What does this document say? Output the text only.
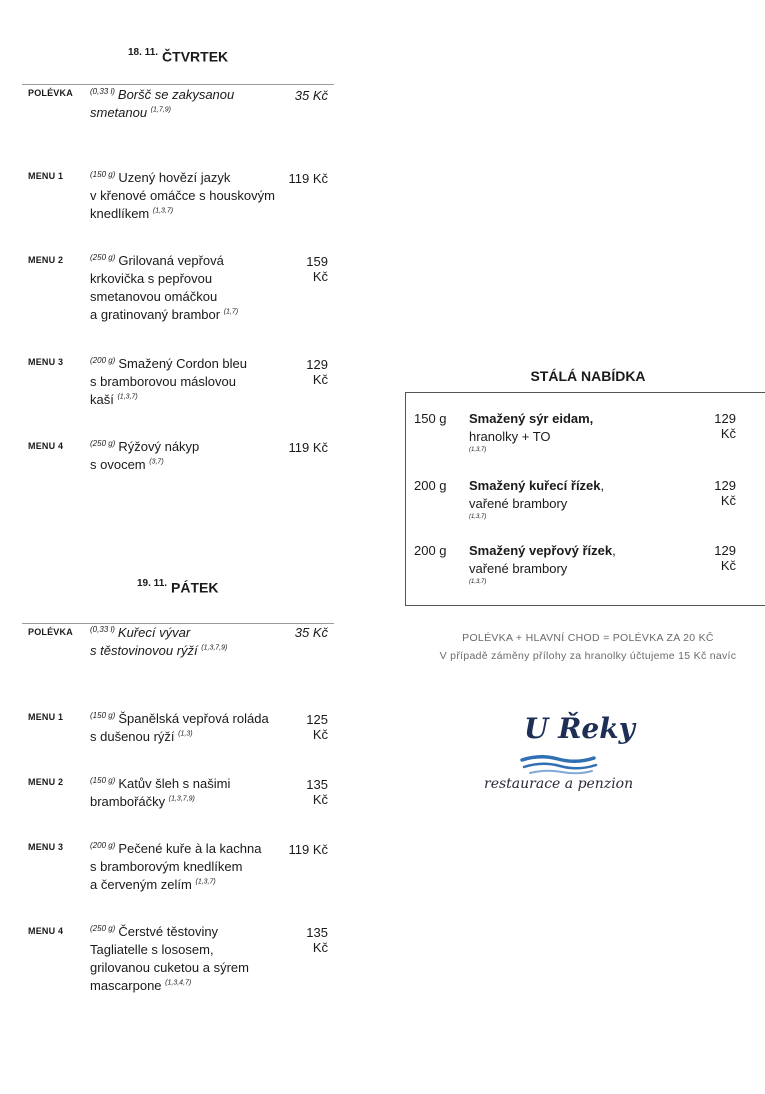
$^{18. 11.}$ ČTVRTEK
POLÉVKA $^{(0,33 l)}$ Boršč se zakysanou
smetanou $^{(1,7,9)}$
35 Kč
MENU 1	$^{(150 g)}$ Uzený hovězí jazyk
v křenové omáčce s houskovým
knedlíkem $^{(1,3,7)}$
119 Kč
MENU 2	$^{(250 g)}$ Grilovaná vepřová
krkovička s pepřovou
smetanovou omáčkou
a gratinovaný brambor $^{(1,7)}$
159 Kč
MENU 3	$^{(200 g)}$ Smažený Cordon bleu
s bramborovou máslovou
kaší $^{(1,3,7)}$
129 Kč
MENU 4	$^{(250 g)}$ Rýžový nákyp
s ovocem $^{(3,7)}$
119 Kč
$^{19. 11.}$ PÁTEK
POLÉVKA $^{(0,33 l)}$ Kuřecí vývar
s těstovinovou rýží $^{(1,3,7,9)}$
35 Kč
MENU 1	$^{(150 g)}$ Španělská vepřová roláda
s dušenou rýží $^{(1,3)}$
125 Kč
MENU 2	$^{(150 g)}$ Katův šleh s našimi
brambořáčky $^{(1,3,7,9)}$
135 Kč
MENU 3	$^{(200 g)}$ Pečené kuře à la kachna
s bramborovým knedlíkem
a červeným zelím $^{(1,3,7)}$
119 Kč
MENU 4	$^{(250 g)}$ Čerstvé těstoviny
Tagliatelle s lososem,
grilovanou cuketou a sýrem
mascarpone $^{(1,3,4,7)}$
135 Kč
STÁLÁ NABÍDKA
150 g Smažený sýr eidam,
hranolky + TO
(1,3,7)
129 Kč
200 g Smažený kuřecí řízek,
vařené brambory
(1,3,7)
129 Kč
200 g Smažený vepřový řízek,
vařené brambory
(1,3,7)
129 Kč
POLÉVKA + HLAVNÍ CHOD = POLÉVKA ZA 20 KČ
V případě záměny přílohy za hranolky účtujeme 15 Kč navíc
U Řeky
restaurace a penzion
